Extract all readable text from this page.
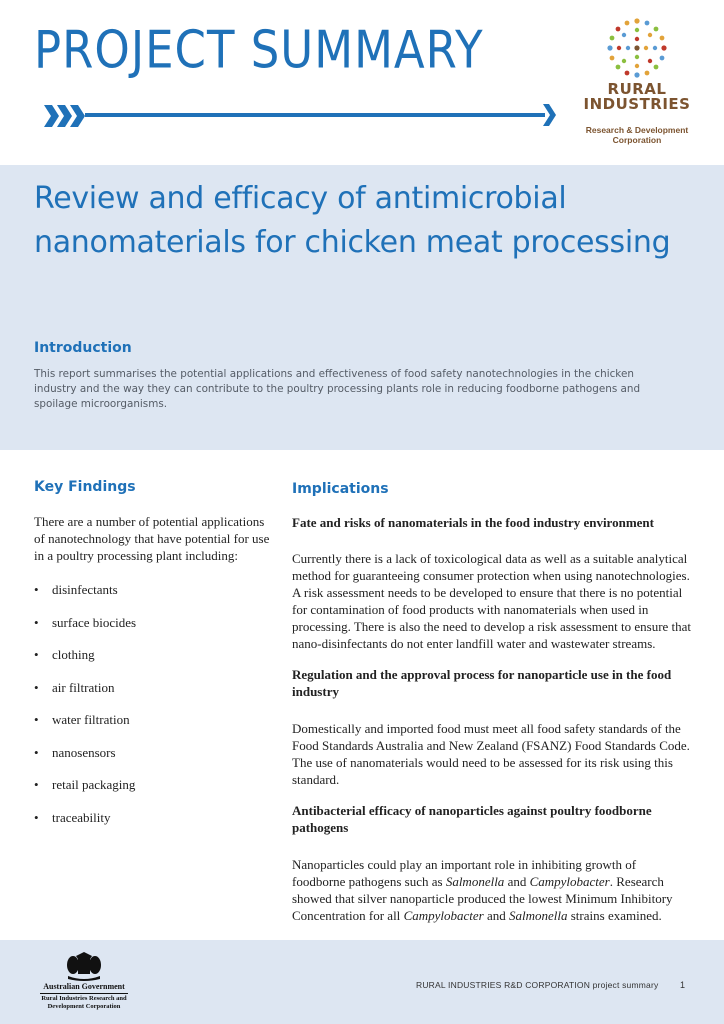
PROJECT SUMMARY
RURAL
INDUSTRIES
Research & Development
Corporation
Review and efficacy of antimicrobial nanomaterials for chicken meat processing
Introduction

This report summarises the potential applications and effectiveness of food safety nanotechnologies in the chicken industry and the way they can contribute to the poultry processing plants role in reducing foodborne pathogens and spoilage microorganisms.

Key Findings
There are a number of potential applications of nanotechnology that have potential for use in a poultry processing plant including:
• disinfectants
• surface biocides
• clothing
• air filtration
• water filtration
• nanosensors
• retail packaging
• traceability
Implications

Fate and risks of nanomaterials in the food industry environment

Currently there is a lack of toxicological data as well as a suitable analytical method for guaranteeing consumer protection when using nanotechnologies. A risk assessment needs to be developed to ensure that there is no potential for contamination of food products with nanomaterials when used in processing. There is also the need to develop a risk assessment to ensure that nano-disinfectants do not enter landfill water and wastewater streams.

Regulation and the approval process for nanoparticle use in the food industry

Domestically and imported food must meet all food safety standards of the Food Standards Australia and New Zealand (FSANZ) Food Standards Code. The use of nanomaterials would need to be assessed for its risk using this standard.

Antibacterial efficacy of nanoparticles against poultry foodborne pathogens

Nanoparticles could play an important role in inhibiting growth of foodborne pathogens such as Salmonella and Campylobacter. Research showed that silver nanoparticle produced the lowest Minimum Inhibitory Concentration for all Campylobacter and Salmonella strains examined.

Australian Government
Rural Industries Research and
Development Corporation
RURAL INDUSTRIES R&D CORPORATION project summary 1
